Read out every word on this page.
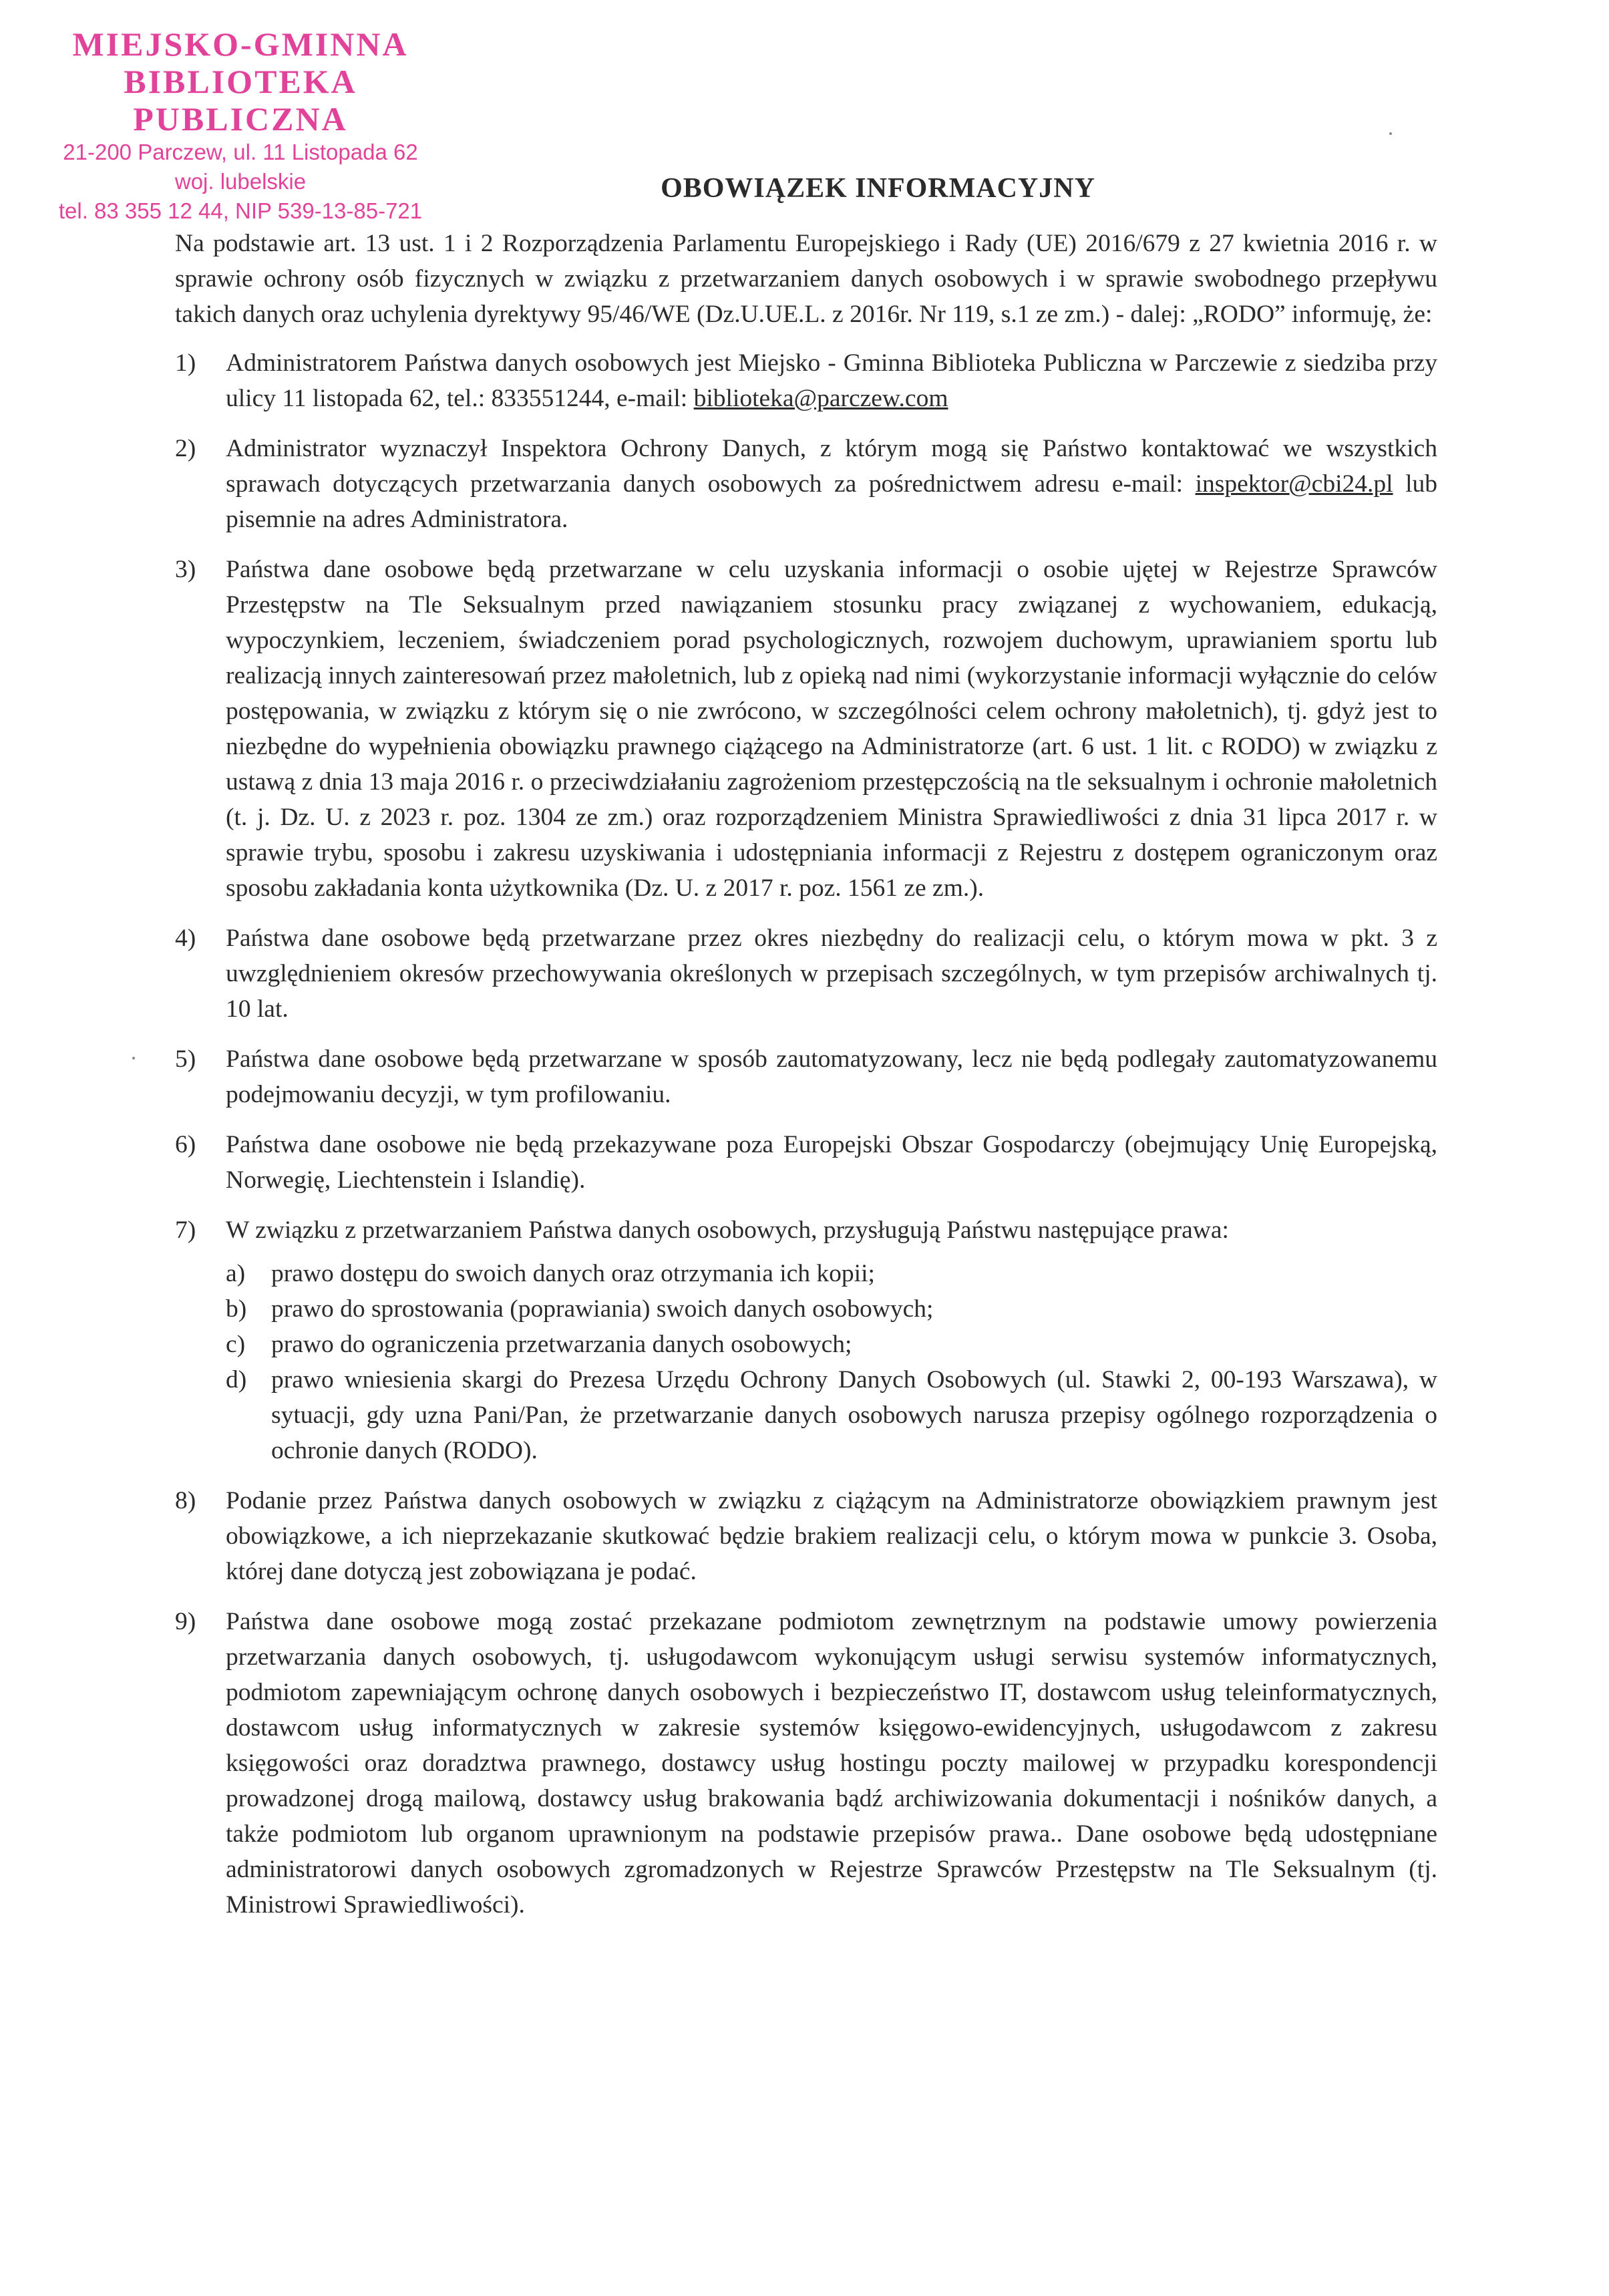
MIEJSKO-GMINNA
BIBLIOTEKA PUBLICZNA
21-200 Parczew, ul. 11 Listopada 62
woj. lubelskie
tel. 83 355 12 44, NIP 539-13-85-721
OBOWIĄZEK INFORMACYJNY

Na podstawie art. 13 ust. 1 i 2 Rozporządzenia Parlamentu Europejskiego i Rady (UE) 2016/679 z 27 kwietnia 2016 r. w sprawie ochrony osób fizycznych w związku z przetwarzaniem danych osobowych i w sprawie swobodnego przepływu takich danych oraz uchylenia dyrektywy 95/46/WE (Dz.U.UE.L. z 2016r. Nr 119, s.1 ze zm.) - dalej: „RODO” informuję, że:

1) Administratorem Państwa danych osobowych jest Miejsko - Gminna Biblioteka Publiczna w Parczewie z siedziba przy ulicy 11 listopada 62, tel.: 833551244, e-mail: biblioteka@parczew.com
2) Administrator wyznaczył Inspektora Ochrony Danych, z którym mogą się Państwo kontaktować we wszystkich sprawach dotyczących przetwarzania danych osobowych za pośrednictwem adresu e-mail: inspektor@cbi24.pl lub pisemnie na adres Administratora.
3) Państwa dane osobowe będą przetwarzane w celu uzyskania informacji o osobie ujętej w Rejestrze Sprawców Przestępstw na Tle Seksualnym przed nawiązaniem stosunku pracy związanej z wychowaniem, edukacją, wypoczynkiem, leczeniem, świadczeniem porad psychologicznych, rozwojem duchowym, uprawianiem sportu lub realizacją innych zainteresowań przez małoletnich, lub z opieką nad nimi (wykorzystanie informacji wyłącznie do celów postępowania, w związku z którym się o nie zwrócono, w szczególności celem ochrony małoletnich), tj. gdyż jest to niezbędne do wypełnienia obowiązku prawnego ciążącego na Administratorze (art. 6 ust. 1 lit. c RODO) w związku z ustawą z dnia 13 maja 2016 r. o przeciwdziałaniu zagrożeniom przestępczością na tle seksualnym i ochronie małoletnich (t. j. Dz. U. z 2023 r. poz. 1304 ze zm.) oraz rozporządzeniem Ministra Sprawiedliwości z dnia 31 lipca 2017 r. w sprawie trybu, sposobu i zakresu uzyskiwania i udostępniania informacji z Rejestru z dostępem ograniczonym oraz sposobu zakładania konta użytkownika (Dz. U. z 2017 r. poz. 1561 ze zm.).
4) Państwa dane osobowe będą przetwarzane przez okres niezbędny do realizacji celu, o którym mowa w pkt. 3 z uwzględnieniem okresów przechowywania określonych w przepisach szczególnych, w tym przepisów archiwalnych tj. 10 lat.
5) Państwa dane osobowe będą przetwarzane w sposób zautomatyzowany, lecz nie będą podlegały zautomatyzowanemu podejmowaniu decyzji, w tym profilowaniu.
6) Państwa dane osobowe nie będą przekazywane poza Europejski Obszar Gospodarczy (obejmujący Unię Europejską, Norwegię, Liechtenstein i Islandię).
7) W związku z przetwarzaniem Państwa danych osobowych, przysługują Państwu następujące prawa:
a) prawo dostępu do swoich danych oraz otrzymania ich kopii;
b) prawo do sprostowania (poprawiania) swoich danych osobowych;
c) prawo do ograniczenia przetwarzania danych osobowych;
d) prawo wniesienia skargi do Prezesa Urzędu Ochrony Danych Osobowych (ul. Stawki 2, 00-193 Warszawa), w sytuacji, gdy uzna Pani/Pan, że przetwarzanie danych osobowych narusza przepisy ogólnego rozporządzenia o ochronie danych (RODO).
8) Podanie przez Państwa danych osobowych w związku z ciążącym na Administratorze obowiązkiem prawnym jest obowiązkowe, a ich nieprzekazanie skutkować będzie brakiem realizacji celu, o którym mowa w punkcie 3. Osoba, której dane dotyczą jest zobowiązana je podać.
9) Państwa dane osobowe mogą zostać przekazane podmiotom zewnętrznym na podstawie umowy powierzenia przetwarzania danych osobowych, tj. usługodawcom wykonującym usługi serwisu systemów informatycznych, podmiotom zapewniającym ochronę danych osobowych i bezpieczeństwo IT, dostawcom usług teleinformatycznych, dostawcom usług informatycznych w zakresie systemów księgowo-ewidencyjnych, usługodawcom z zakresu księgowości oraz doradztwa prawnego, dostawcy usług hostingu poczty mailowej w przypadku korespondencji prowadzonej drogą mailową, dostawcy usług brakowania bądź archiwizowania dokumentacji i nośników danych, a także podmiotom lub organom uprawnionym na podstawie przepisów prawa.. Dane osobowe będą udostępniane administratorowi danych osobowych zgromadzonych w Rejestrze Sprawców Przestępstw na Tle Seksualnym (tj. Ministrowi Sprawiedliwości).
